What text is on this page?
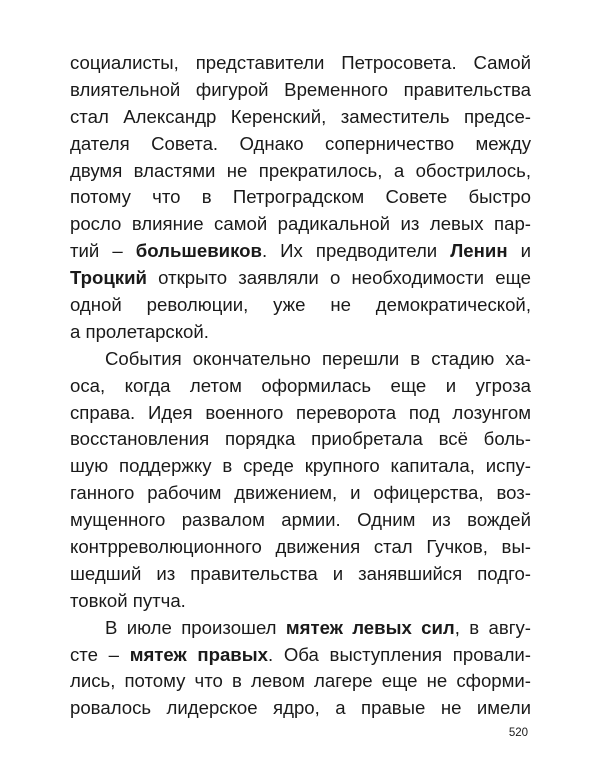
социалисты, представители Петросовета. Самой
влиятельной фигурой Временного правительства
стал Александр Керенский, заместитель предсе-
дателя Совета. Однако соперничество между
двумя властями не прекратилось, а обострилось,
потому что в Петроградском Совете быстро
росло влияние самой радикальной из левых пар-
тий – большевиков. Их предводители Ленин и
Троцкий открыто заявляли о необходимости еще
одной революции, уже не демократической,
а пролетарской.
События окончательно перешли в стадию ха-
оса, когда летом оформилась еще и угроза
справа. Идея военного переворота под лозунгом
восстановления порядка приобретала всё боль-
шую поддержку в среде крупного капитала, испу-
ганного рабочим движением, и офицерства, воз-
мущенного развалом армии. Одним из вождей
контрреволюционного движения стал Гучков, вы-
шедший из правительства и занявшийся подго-
товкой путча.
В июле произошел мятеж левых сил, в авгу-
сте – мятеж правых. Оба выступления провали-
лись, потому что в левом лагере еще не сформи-
ровалось лидерское ядро, а правые не имели
520
